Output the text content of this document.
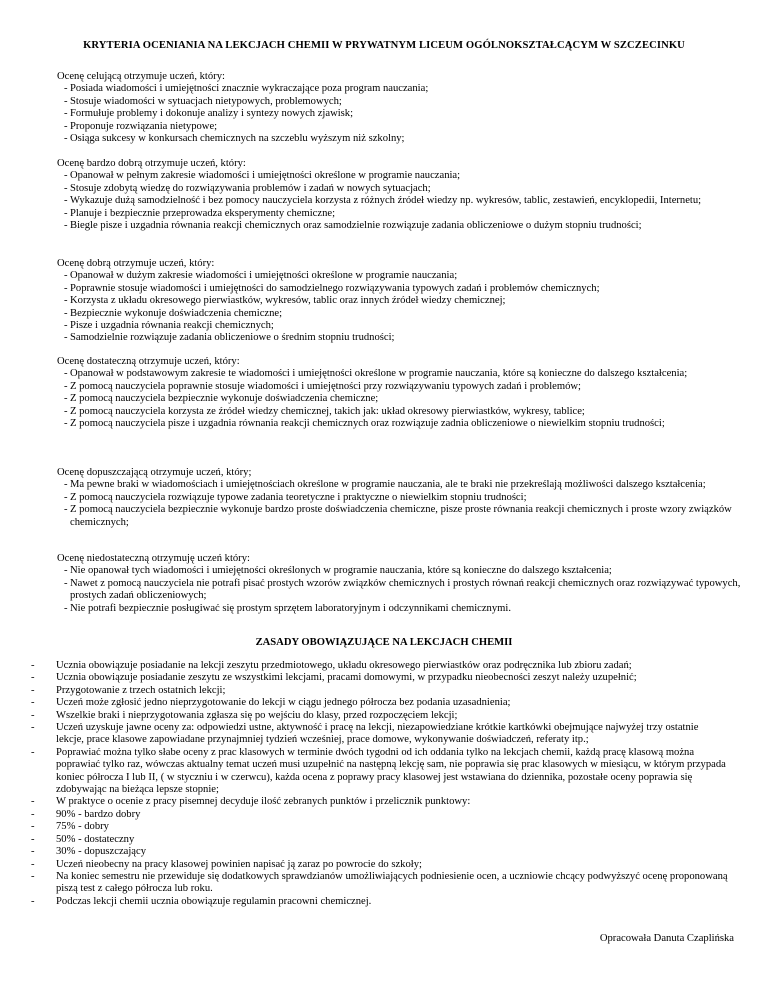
KRYTERIA OCENIANIA NA LEKCJACH CHEMII W PRYWATNYM LICEUM OGÓLNOKSZTAŁCĄCYM W SZCZECINKU

Ocenę celującą otrzymuje uczeń, który:

- Posiada wiadomości i umiejętności znacznie wykraczające poza program nauczania;
- Stosuje wiadomości w sytuacjach nietypowych, problemowych;
- Formułuje problemy i dokonuje analizy i syntezy nowych zjawisk;
- Proponuje rozwiązania nietypowe;
- Osiąga sukcesy w konkursach chemicznych na szczeblu wyższym niż szkolny;

Ocenę bardzo dobrą otrzymuje uczeń, który:

- Opanował w pełnym zakresie wiadomości i umiejętności określone w programie nauczania;
- Stosuje zdobytą wiedzę do rozwiązywania problemów i zadań w nowych sytuacjach;
- Wykazuje dużą samodzielność i bez pomocy nauczyciela korzysta z różnych źródeł wiedzy np. wykresów, tablic, zestawień, encyklopedii, Internetu;
- Planuje i bezpiecznie przeprowadza eksperymenty chemiczne;
- Biegle pisze i uzgadnia równania reakcji chemicznych oraz samodzielnie rozwiązuje zadania obliczeniowe o dużym stopniu trudności;

Ocenę dobrą otrzymuje uczeń, który:

- Opanował w dużym zakresie wiadomości i umiejętności określone w programie nauczania;
- Poprawnie stosuje wiadomości i umiejętności do samodzielnego rozwiązywania typowych zadań i problemów chemicznych;
- Korzysta z układu okresowego pierwiastków, wykresów, tablic oraz innych źródeł wiedzy chemicznej;
- Bezpiecznie wykonuje doświadczenia chemiczne;
- Pisze i uzgadnia równania reakcji chemicznych;
- Samodzielnie rozwiązuje zadania obliczeniowe o średnim stopniu trudności;

Ocenę dostateczną otrzymuje uczeń, który:

- Opanował w podstawowym zakresie te wiadomości i umiejętności określone w programie nauczania, które są konieczne do dalszego kształcenia;
- Z pomocą nauczyciela poprawnie stosuje wiadomości i umiejętności przy rozwiązywaniu typowych zadań i problemów;
- Z pomocą nauczyciela bezpiecznie wykonuje doświadczenia chemiczne;
- Z pomocą nauczyciela korzysta ze źródeł wiedzy chemicznej, takich jak: układ okresowy pierwiastków, wykresy, tablice;
- Z pomocą nauczyciela pisze i uzgadnia równania reakcji chemicznych oraz rozwiązuje zadnia obliczeniowe o niewielkim stopniu trudności;

Ocenę dopuszczającą otrzymuje uczeń, który;

- Ma pewne braki w wiadomościach i umiejętnościach określone w programie nauczania, ale te braki nie przekreślają możliwości dalszego kształcenia;
- Z pomocą nauczyciela rozwiązuje typowe zadania teoretyczne i praktyczne o niewielkim stopniu trudności;
- Z pomocą nauczyciela bezpiecznie wykonuje bardzo proste doświadczenia chemiczne, pisze proste równania reakcji chemicznych i proste wzory związków chemicznych;

Ocenę niedostateczną otrzymuję uczeń który:

- Nie opanował tych wiadomości i umiejętności określonych w programie nauczania, które są konieczne do dalszego kształcenia;
- Nawet z pomocą nauczyciela nie potrafi pisać prostych wzorów związków chemicznych i prostych równań reakcji chemicznych oraz rozwiązywać typowych, prostych zadań obliczeniowych;
- Nie potrafi bezpiecznie posługiwać się prostym sprzętem laboratoryjnym i odczynnikami chemicznymi.
ZASADY OBOWIĄZUJĄCE NA LEKCJACH CHEMII
- Ucznia obowiązuje posiadanie na lekcji zeszytu przedmiotowego, układu okresowego pierwiastków oraz podręcznika lub zbioru zadań;
- Ucznia obowiązuje posiadanie zeszytu ze wszystkimi lekcjami, pracami domowymi, w przypadku nieobecności zeszyt należy uzupełnić;
- Przygotowanie z trzech ostatnich lekcji;
- Uczeń może zgłosić jedno nieprzygotowanie do lekcji w ciągu jednego półrocza bez podania uzasadnienia;
- Wszelkie braki i nieprzygotowania zgłasza się po wejściu do klasy, przed rozpoczęciem lekcji;
- Uczeń uzyskuje jawne oceny za: odpowiedzi ustne, aktywność i pracę na lekcji, niezapowiedziane krótkie kartkówki obejmujące najwyżej trzy ostatnie lekcje, prace klasowe zapowiadane przynajmniej tydzień wcześniej, prace domowe, wykonywanie doświadczeń, referaty itp.;
- Poprawiać można tylko słabe oceny z prac klasowych w terminie dwóch tygodni od ich oddania tylko na lekcjach chemii, każdą pracę klasową można poprawiać tylko raz, wówczas aktualny temat uczeń musi uzupełnić na następną lekcję sam, nie poprawia się prac klasowych w miesiącu, w którym przypada koniec półrocza I lub II, ( w styczniu i w czerwcu), każda ocena z poprawy pracy klasowej jest wstawiana do dziennika, pozostałe oceny poprawia się zdobywając na bieżąca lepsze stopnie;
- W praktyce o ocenie z pracy pisemnej decyduje ilość zebranych punktów i przelicznik punktowy:
- 90% - bardzo dobry
- 75% - dobry
- 50% - dostateczny
- 30% - dopuszczający
- Uczeń nieobecny na pracy klasowej powinien napisać ją zaraz po powrocie do szkoły;
- Na koniec semestru nie przewiduje się dodatkowych sprawdzianów umożliwiających podniesienie ocen, a uczniowie chcący podwyższyć ocenę proponowaną piszą test z całego półrocza lub roku.
- Podczas lekcji chemii ucznia obowiązuje regulamin pracowni chemicznej.
Opracowała Danuta Czaplińska
